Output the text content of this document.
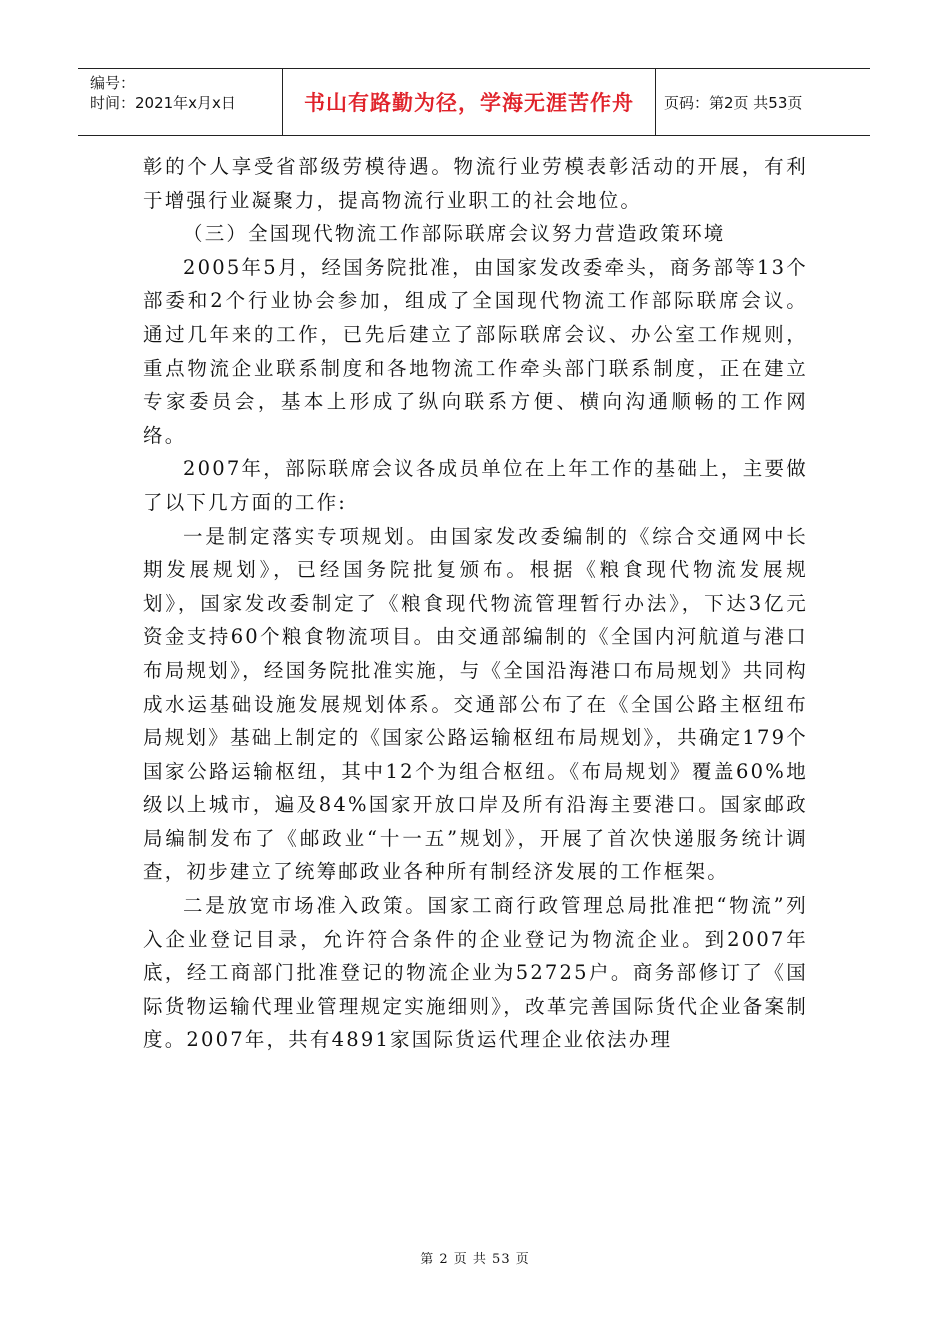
编号：
时间：2021年x月x日	书山有路勤为径，学海无涯苦作舟 页码：第2页 共53页

彰的个人享受省部级劳模待遇。物流行业劳模表彰活动的开展，有利于增强行业凝聚力，提高物流行业职工的社会地位。

（三）全国现代物流工作部际联席会议努力营造政策环境

2005年5月，经国务院批准，由国家发改委牵头，商务部等13个部委和2个行业协会参加，组成了全国现代物流工作部际联席会议。通过几年来的工作，已先后建立了部际联席会议、办公室工作规则，重点物流企业联系制度和各地物流工作牵头部门联系制度，正在建立专家委员会，基本上形成了纵向联系方便、横向沟通顺畅的工作网络。

2007年，部际联席会议各成员单位在上年工作的基础上，主要做了以下几方面的工作:

一是制定落实专项规划。由国家发改委编制的《综合交通网中长期发展规划》，已经国务院批复颁布。根据《粮食现代物流发展规划》，国家发改委制定了《粮食现代物流管理暂行办法》，下达3亿元资金支持60个粮食物流项目。由交通部编制的《全国内河航道与港口布局规划》，经国务院批准实施，与《全国沿海港口布局规划》共同构成水运基础设施发展规划体系。交通部公布了在《全国公路主枢纽布局规划》基础上制定的《国家公路运输枢纽布局规划》，共确定179个国家公路运输枢纽，其中12个为组合枢纽。《布局规划》覆盖60%地级以上城市，遍及84%国家开放口岸及所有沿海主要港口。国家邮政局编制发布了《邮政业“十一五”规划》，开展了首次快递服务统计调查，初步建立了统筹邮政业各种所有制经济发展的工作框架。

二是放宽市场准入政策。国家工商行政管理总局批准把“物流”列入企业登记目录，允许符合条件的企业登记为物流企业。到2007年底，经工商部门批准登记的物流企业为52725户。商务部修订了《国际货物运输代理业管理规定实施细则》，改革完善国际货代企业备案制度。2007年，共有4891家国际货运代理企业依法办理

第 2 页 共 53 页
